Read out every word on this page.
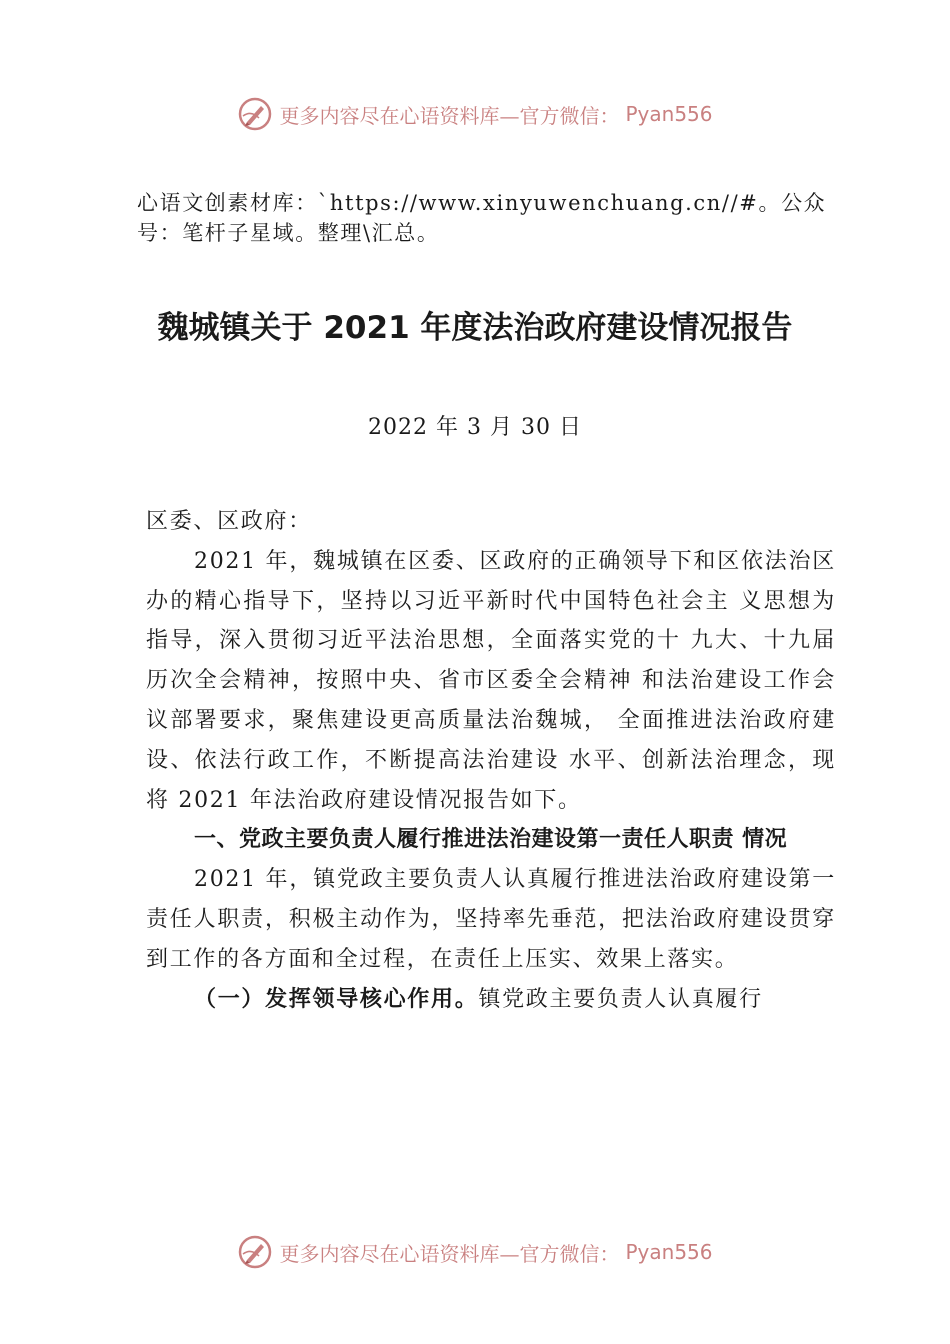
更多内容尽在心语资料库—官方微信： Pyan556
心语文创素材库：`https://www.xinyuwenchuang.cn//#。公众号：笔杆子星域。整理\汇总。
魏城镇关于 2021 年度法治政府建设情况报告
2022 年 3 月 30 日

区委、区政府：

2021 年，魏城镇在区委、区政府的正确领导下和区依法治区办的精心指导下，坚持以习近平新时代中国特色社会主 义思想为指导，深入贯彻习近平法治思想，全面落实党的十 九大、十九届历次全会精神，按照中央、省市区委全会精神 和法治建设工作会议部署要求，聚焦建设更高质量法治魏城， 全面推进法治政府建设、依法行政工作，不断提高法治建设 水平、创新法治理念，现将 2021 年法治政府建设情况报告如下。

一、党政主要负责人履行推进法治建设第一责任人职责 情况

2021 年，镇党政主要负责人认真履行推进法治政府建设第一责任人职责，积极主动作为，坚持率先垂范，把法治政府建设贯穿到工作的各方面和全过程，在责任上压实、效果上落实。

（一）发挥领导核心作用。镇党政主要负责人认真履行

更多内容尽在心语资料库—官方微信： Pyan556
